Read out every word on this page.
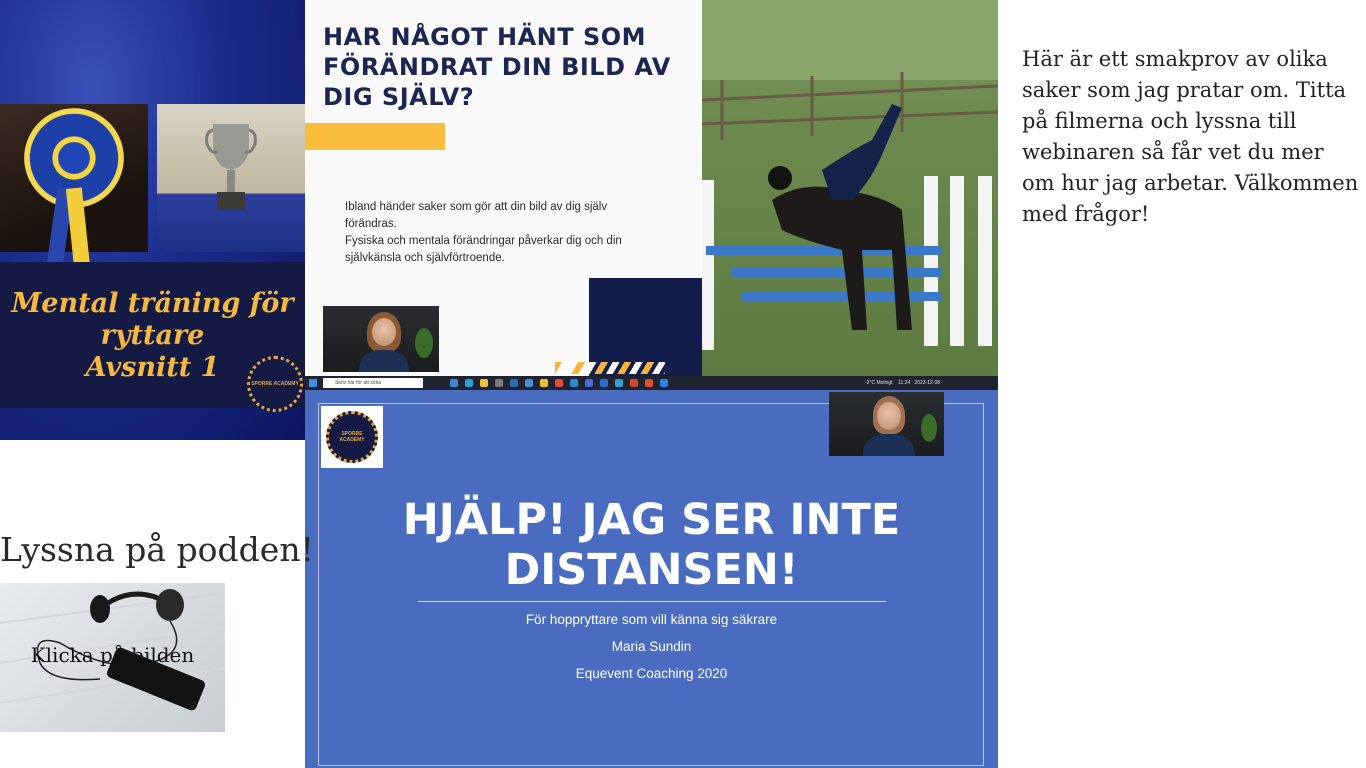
Mental träning för
ryttare
Avsnitt 1
SPORRE ACADEMY
HAR NÅGOT HÄNT SOM
FÖRÄNDRAT DIN BILD AV
DIG SJÄLV?
Ibland händer saker som gör att din bild av dig själv
förändras.
Fysiska och mentala förändringar påverkar dig och din
självkänsla och självförtroende.
Skriv här för att söka	-2°C Molnigt 11:24 2023-12-08
SPORRE ACADEMY
HJÄLP! JAG SER INTE
DISTANSEN!
För hoppryttare som vill känna sig säkrare
Maria Sundin
Equevent Coaching 2020
Här är ett smakprov av olika saker som jag pratar om. Titta på filmerna och lyssna till webinaren så får vet du mer om hur jag arbetar. Välkommen med frågor!
Lyssna på podden!
Klicka på bilden
